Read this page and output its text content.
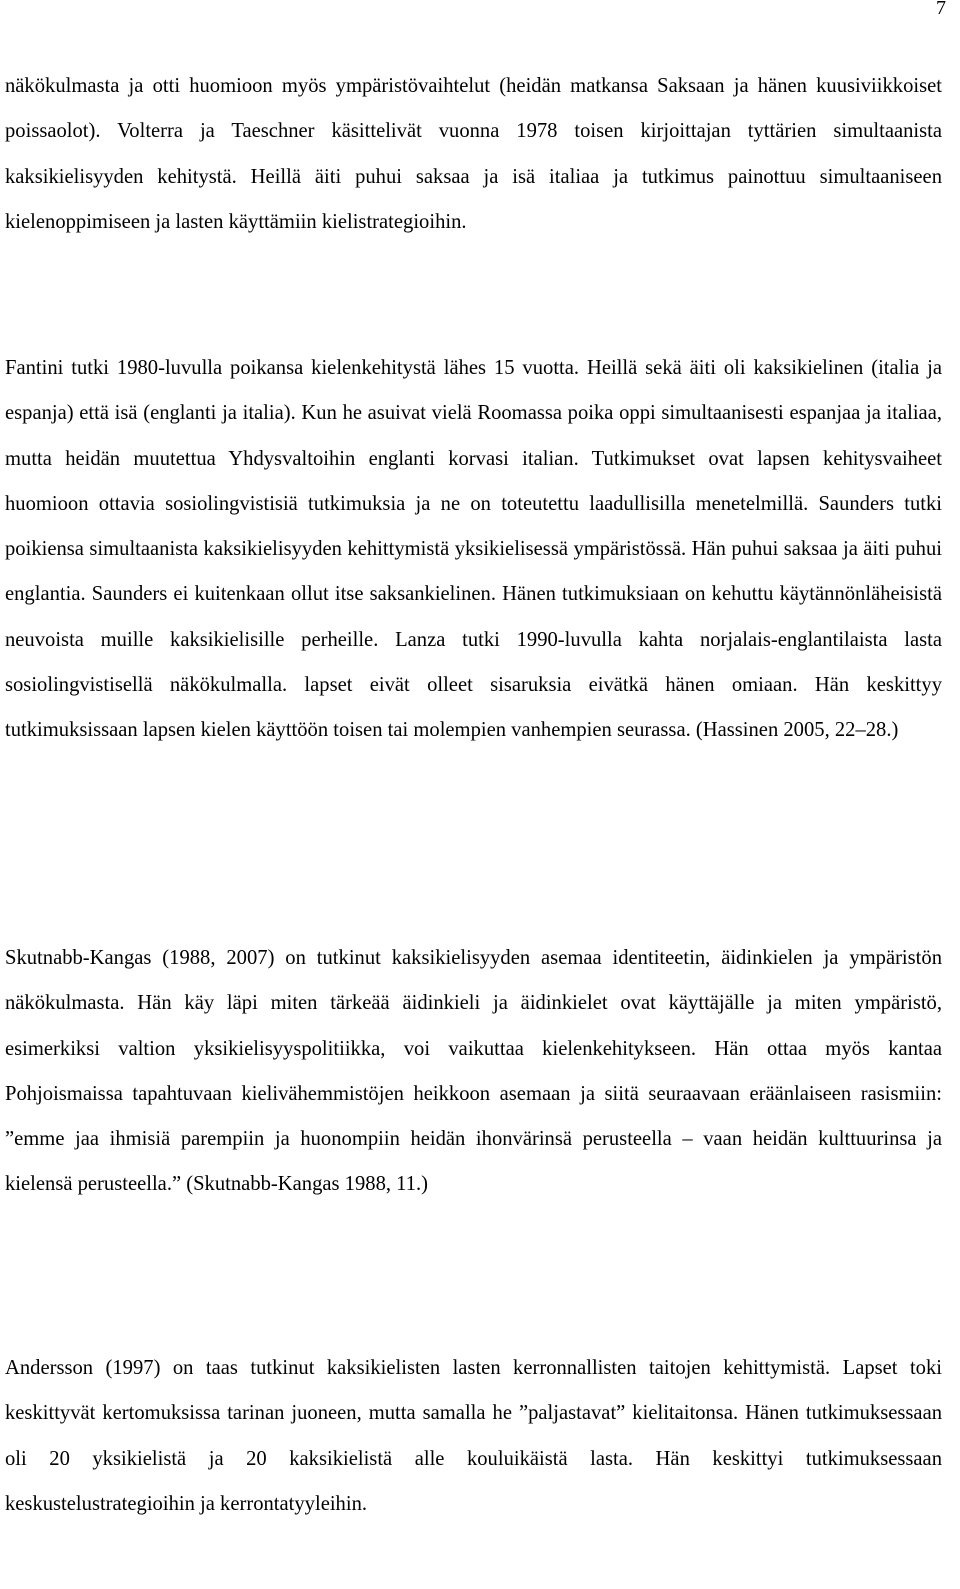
7

näkökulmasta ja otti huomioon myös ympäristövaihtelut (heidän matkansa Saksaan ja hänen kuusiviikkoiset poissaolot). Volterra ja Taeschner käsittelivät vuonna 1978 toisen kirjoittajan tyttärien simultaanista kaksikielisyyden kehitystä. Heillä äiti puhui saksaa ja isä italiaa ja tutkimus painottuu simultaaniseen kielenoppimiseen ja lasten käyttämiin kielistrategioihin.

Fantini tutki 1980-luvulla poikansa kielenkehitystä lähes 15 vuotta. Heillä sekä äiti oli kaksikielinen (italia ja espanja) että isä (englanti ja italia). Kun he asuivat vielä Roomassa poika oppi simultaanisesti espanjaa ja italiaa, mutta heidän muutettua Yhdysvaltoihin englanti korvasi italian. Tutkimukset ovat lapsen kehitysvaiheet huomioon ottavia sosiolingvistisiä tutkimuksia ja ne on toteutettu laadullisilla menetelmillä. Saunders tutki poikiensa simultaanista kaksikielisyyden kehittymistä yksikielisessä ympäristössä. Hän puhui saksaa ja äiti puhui englantia. Saunders ei kuitenkaan ollut itse saksankielinen. Hänen tutkimuksiaan on kehuttu käytännönläheisistä neuvoista muille kaksikielisille perheille. Lanza tutki 1990-luvulla kahta norjalais-englantilaista lasta sosiolingvistisellä näkökulmalla. lapset eivät olleet sisaruksia eivätkä hänen omiaan. Hän keskittyy tutkimuksissaan lapsen kielen käyttöön toisen tai molempien vanhempien seurassa. (Hassinen 2005, 22–28.)

Skutnabb-Kangas (1988, 2007) on tutkinut kaksikielisyyden asemaa identiteetin, äidinkielen ja ympäristön näkökulmasta. Hän käy läpi miten tärkeää äidinkieli ja äidinkielet ovat käyttäjälle ja miten ympäristö, esimerkiksi valtion yksikielisyyspolitiikka, voi vaikuttaa kielenkehitykseen. Hän ottaa myös kantaa Pohjoismaissa tapahtuvaan kielivähemmistöjen heikkoon asemaan ja siitä seuraavaan eräänlaiseen rasismiin: ”emme jaa ihmisiä parempiin ja huonompiin heidän ihonvärinsä perusteella – vaan heidän kulttuurinsa ja kielensä perusteella.” (Skutnabb-Kangas 1988, 11.)

Andersson (1997) on taas tutkinut kaksikielisten lasten kerronnallisten taitojen kehittymistä. Lapset toki keskittyvät kertomuksissa tarinan juoneen, mutta samalla he ”paljastavat” kielitaitonsa. Hänen tutkimuksessaan oli 20 yksikielistä ja 20 kaksikielistä alle kouluikäistä lasta. Hän keskittyi tutkimuksessaan keskustelustrategioihin ja kerrontatyyleihin.
